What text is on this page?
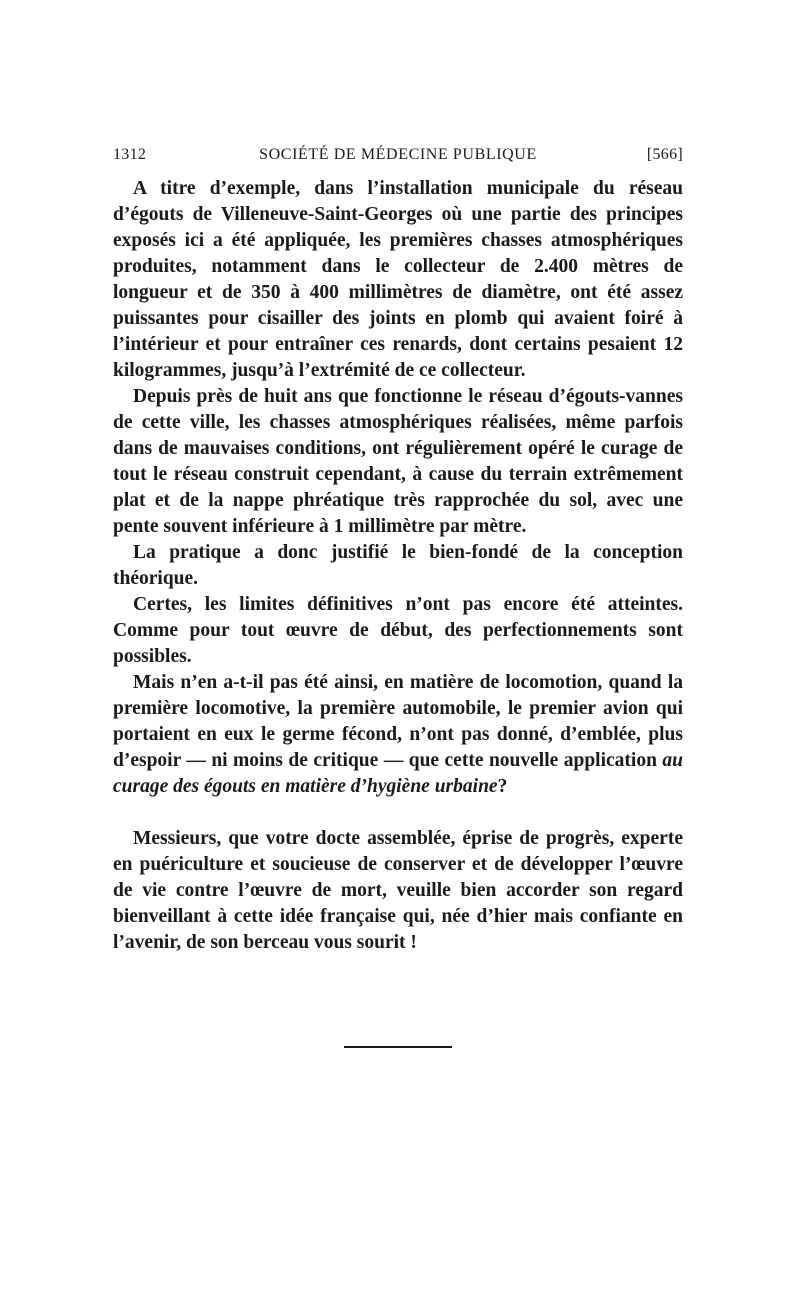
1312	SOCIÉTÉ DE MÉDECINE PUBLIQUE	[566]

A titre d’exemple, dans l’installation municipale du réseau d’égouts de Villeneuve-Saint-Georges où une partie des principes exposés ici a été appliquée, les premières chasses atmosphériques produites, notamment dans le collecteur de 2.400 mètres de longueur et de 350 à 400 millimètres de diamètre, ont été assez puissantes pour cisailler des joints en plomb qui avaient foiré à l’intérieur et pour entraîner ces renards, dont certains pesaient 12 kilogrammes, jusqu’à l’extrémité de ce collecteur.

Depuis près de huit ans que fonctionne le réseau d’égouts-vannes de cette ville, les chasses atmosphériques réalisées, même parfois dans de mauvaises conditions, ont régulièrement opéré le curage de tout le réseau construit cependant, à cause du terrain extrêmement plat et de la nappe phréatique très rapprochée du sol, avec une pente souvent inférieure à 1 millimètre par mètre.

La pratique a donc justifié le bien-fondé de la conception théorique.

Certes, les limites définitives n’ont pas encore été atteintes. Comme pour tout œuvre de début, des perfectionnements sont possibles.

Mais n’en a-t-il pas été ainsi, en matière de locomotion, quand la première locomotive, la première automobile, le premier avion qui portaient en eux le germe fécond, n’ont pas donné, d’emblée, plus d’espoir — ni moins de critique — que cette nouvelle application au curage des égouts en matière d’hygiène urbaine?

Messieurs, que votre docte assemblée, éprise de progrès, experte en puériculture et soucieuse de conserver et de développer l’œuvre de vie contre l’œuvre de mort, veuille bien accorder son regard bienveillant à cette idée française qui, née d’hier mais confiante en l’avenir, de son berceau vous sourit !
